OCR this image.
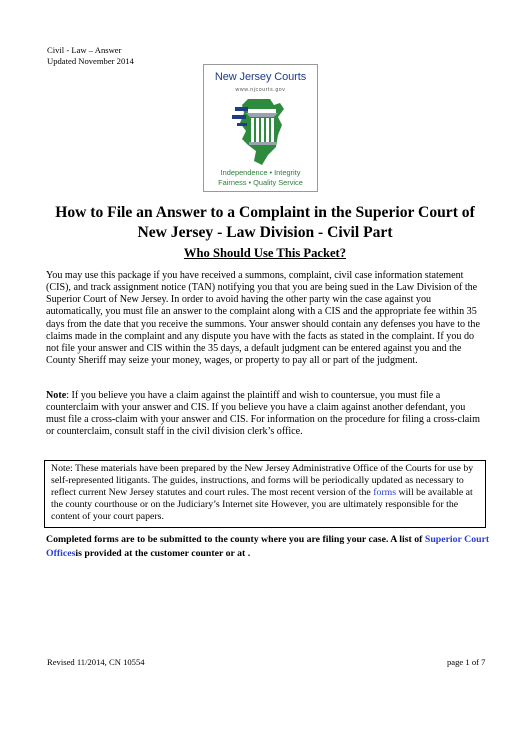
Civil - Law – Answer
Updated November 2014
New Jersey Courts
www.njcourts.gov
Independence • Integrity
Fairness • Quality Service
How to File an Answer to a Complaint in the Superior Court of
New Jersey - Law Division - Civil Part
Who Should Use This Packet?
You may use this package if you have received a summons, complaint, civil case information statement (CIS), and track assignment notice (TAN) notifying you that you are being sued in the Law Division of the Superior Court of New Jersey. In order to avoid having the other party win the case against you automatically, you must file an answer to the complaint along with a CIS and the appropriate fee within 35 days from the date that you receive the summons. Your answer should contain any defenses you have to the claims made in the complaint and any dispute you have with the facts as stated in the complaint. If you do not file your answer and CIS within the 35 days, a default judgment can be entered against you and the County Sheriff may seize your money, wages, or property to pay all or part of the judgment.
Note: If you believe you have a claim against the plaintiff and wish to countersue, you must file a counterclaim with your answer and CIS. If you believe you have a claim against another defendant, you must file a cross-claim with your answer and CIS. For information on the procedure for filing a cross-claim or counterclaim, consult staff in the civil division clerk’s office.
Note: These materials have been prepared by the New Jersey Administrative Office of the Courts for use by self-represented litigants. The guides, instructions, and forms will be periodically updated as necessary to reflect current New Jersey statutes and court rules. The most recent version of the forms will be available at the county courthouse or on the Judiciary’s Internet site However, you are ultimately responsible for the content of your court papers.
Completed forms are to be submitted to the county where you are filing your case. A list of Superior Court Officesis provided at the customer counter or at .
Revised 11/2014, CN 10554	page 1 of 7
